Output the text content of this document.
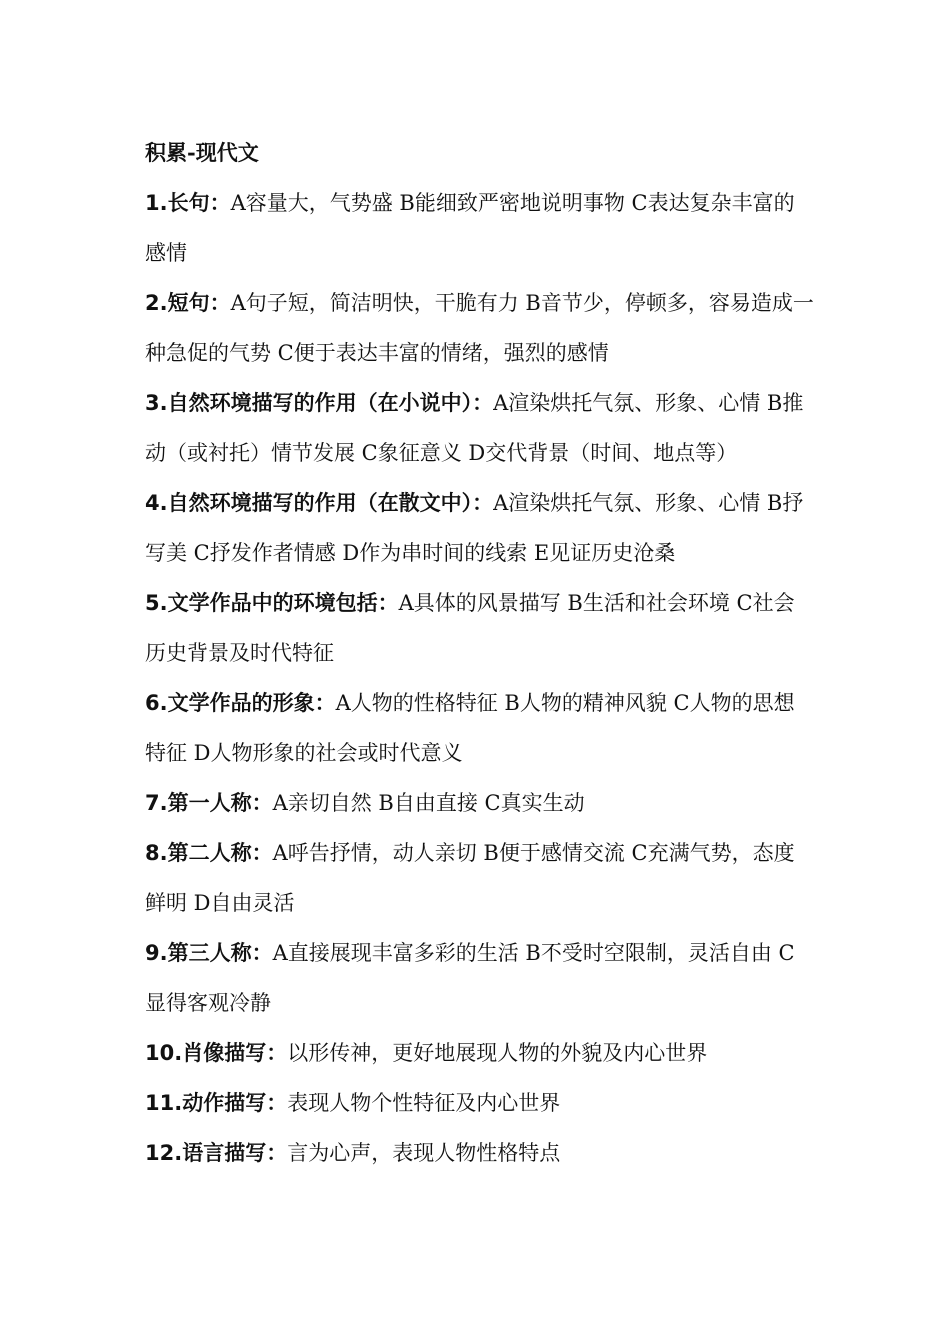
积累-现代文

1.长句：A容量大，气势盛 B能细致严密地说明事物 C表达复杂丰富的感情

2.短句：A句子短，简洁明快，干脆有力 B音节少，停顿多，容易造成一种急促的气势 C便于表达丰富的情绪，强烈的感情

3.自然环境描写的作用（在小说中）：A渲染烘托气氛、形象、心情 B推动（或衬托）情节发展 C象征意义 D交代背景（时间、地点等）

4.自然环境描写的作用（在散文中）：A渲染烘托气氛、形象、心情 B抒写美 C抒发作者情感 D作为串时间的线索 E见证历史沧桑

5.文学作品中的环境包括：A具体的风景描写 B生活和社会环境 C社会历史背景及时代特征

6.文学作品的形象：A人物的性格特征 B人物的精神风貌 C人物的思想特征 D人物形象的社会或时代意义

7.第一人称：A亲切自然 B自由直接 C真实生动

8.第二人称：A呼告抒情，动人亲切 B便于感情交流 C充满气势，态度鲜明 D自由灵活

9.第三人称：A直接展现丰富多彩的生活 B不受时空限制，灵活自由 C显得客观冷静

10.肖像描写：以形传神，更好地展现人物的外貌及内心世界

11.动作描写：表现人物个性特征及内心世界

12.语言描写：言为心声，表现人物性格特点
